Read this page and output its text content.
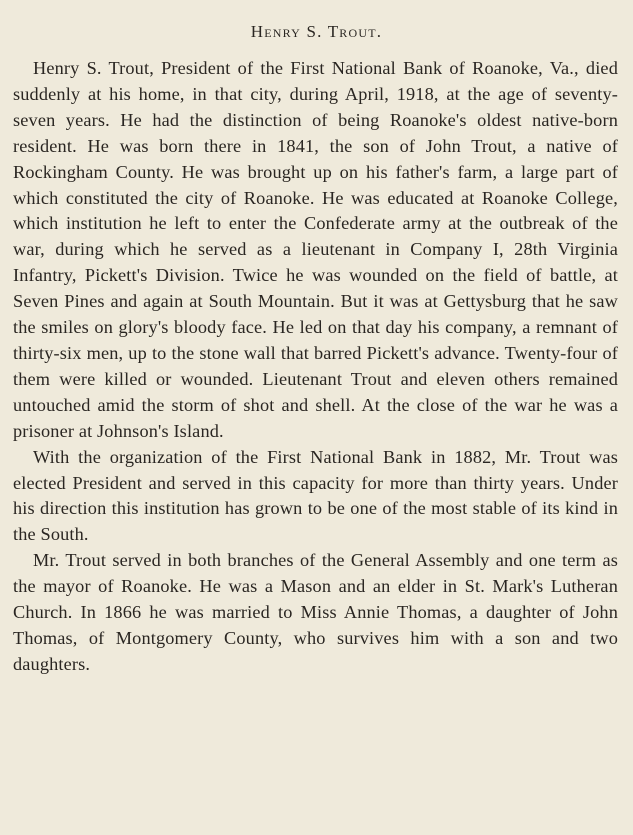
Henry S. Trout.

Henry S. Trout, President of the First National Bank of Roanoke, Va., died suddenly at his home, in that city, during April, 1918, at the age of seventy-seven years. He had the distinction of being Roanoke's oldest native-born resident. He was born there in 1841, the son of John Trout, a native of Rockingham County. He was brought up on his father's farm, a large part of which constituted the city of Roanoke. He was educated at Roanoke College, which institution he left to enter the Confederate army at the outbreak of the war, during which he served as a lieutenant in Company I, 28th Virginia Infantry, Pickett's Division. Twice he was wounded on the field of battle, at Seven Pines and again at South Mountain. But it was at Gettysburg that he saw the smiles on glory's bloody face. He led on that day his company, a remnant of thirty-six men, up to the stone wall that barred Pickett's advance. Twenty-four of them were killed or wounded. Lieutenant Trout and eleven others remained untouched amid the storm of shot and shell. At the close of the war he was a prisoner at Johnson's Island.

With the organization of the First National Bank in 1882, Mr. Trout was elected President and served in this capacity for more than thirty years. Under his direction this institution has grown to be one of the most stable of its kind in the South.

Mr. Trout served in both branches of the General Assembly and one term as the mayor of Roanoke. He was a Mason and an elder in St. Mark's Lutheran Church. In 1866 he was married to Miss Annie Thomas, a daughter of John Thomas, of Montgomery County, who survives him with a son and two daughters.
